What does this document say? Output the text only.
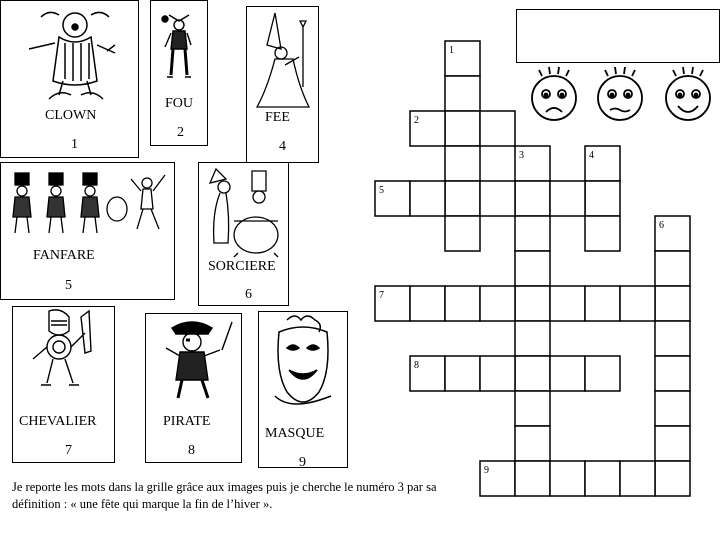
CLOWN
1
FOU
2
FEE
4
FANFARE
5
SORCIERE
6
CHEVALIER
7
PIRATE
8
MASQUE
9
1
2
3	4
5
6
7
8
9
Je reporte les mots dans la grille grâce aux images puis je cherche le numéro 3 par sa définition : « une fête qui marque la fin de l’hiver ».
